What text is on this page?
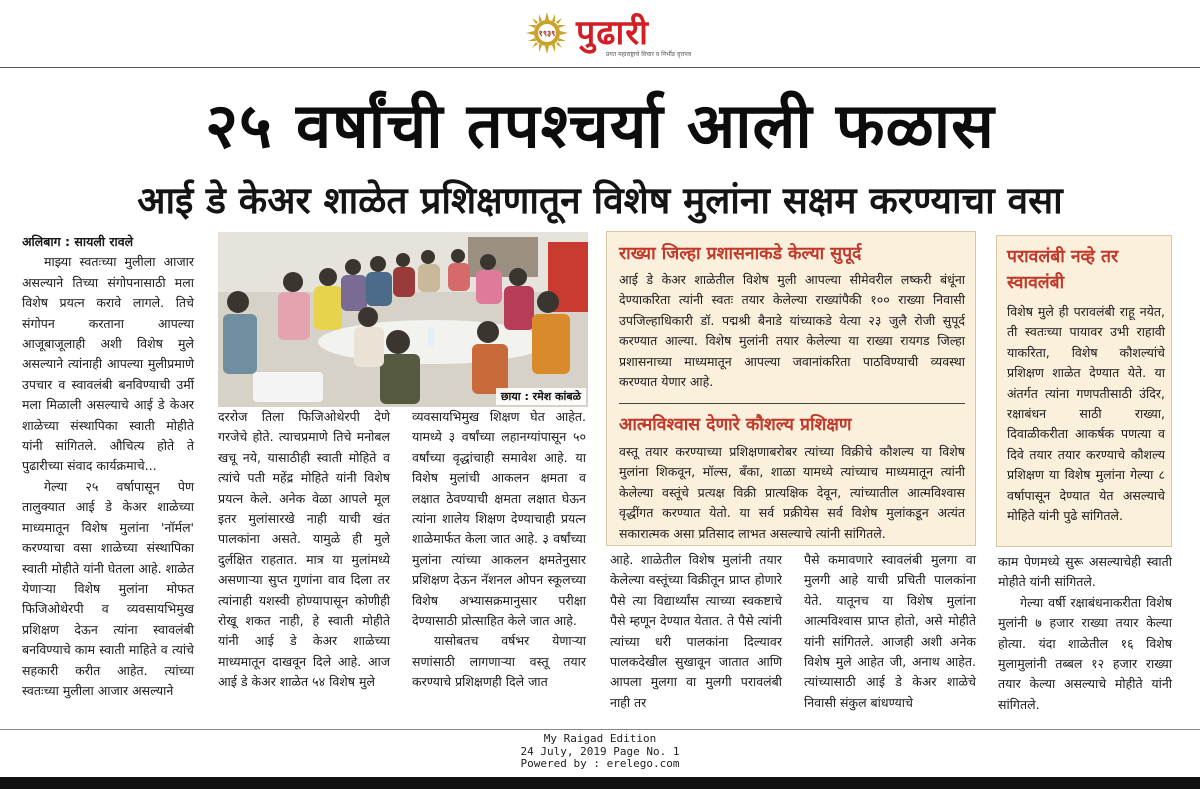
१९३९ पुढारी
प्रगत महाराष्ट्राचे विचार व निर्भीड वृत्तपत्र
२५ वर्षांची तपश्‍चर्या आली फळास
आई डे केअर शाळेत प्रशिक्षणातून विशेष मुलांना सक्षम करण्याचा वसा
अलिबाग : सायली रावले

माझ्या स्वतःच्या मुलीला आजार असल्याने तिच्या संगोपनासाठी मला विशेष प्रयत्न करावे लागले. तिचे संगोपन करताना आपल्या आजूबाजूलाही अशी विशेष मुले असल्याने त्यांनाही आपल्या मुलीप्रमाणे उपचार व स्वावलंबी बनविण्याची उर्मी मला मिळाली असल्याचे आई डे केअर शाळेच्या संस्थापिका स्वाती मोहीते यांनी सांगितले. औचित्य होते ते पुढारीच्या संवाद कार्यक्रमाचे...

गेल्या २५ वर्षापासून पेण तालुक्यात आई डे केअर शाळेच्या माध्यमातून विशेष मुलांना 'नॉर्मल' करण्याचा वसा शाळेच्या संस्थापिका स्वाती मोहीते यांनी घेतला आहे. शाळेत येणाऱ्या विशेष मुलांना मोफत फिजिओथेरपी व व्यवसायभिमुख प्रशिक्षण देऊन त्यांना स्वावलंबी बनविण्याचे काम स्वाती माहिते व त्यांचे सहकारी करीत आहेत. त्यांच्या स्वतःच्या मुलीला आजार असल्याने

छाया : रमेश कांबळे

दररोज तिला फिजिओथेरपी देणे गरजेचे होते. त्याचप्रमाणे तिचे मनोबल खचू नये, यासाठीही स्वाती मोहिते व त्यांचे पती महेंद्र मोहिते यांनी विशेष प्रयत्न केले. अनेक वेळा आपले मूल इतर मुलांसारखे नाही याची खंत पालकांना असते. यामुळे ही मुले दुर्लक्षित राहतात. मात्र या मुलांमध्ये असणाऱ्या सुप्त गुणांना वाव दिला तर त्यांनाही यशस्वी होण्यापासून कोणीही रोखू शकत नाही, हे स्वाती मोहीते यांनी आई डे केअर शाळेच्या माध्यमातून दाखवून दिले आहे. आज आई डे केअर शाळेत ५४ विशेष मुले

व्यवसायभिमुख शिक्षण घेत आहेत. यामध्ये ३ वर्षांच्या लहानग्यांपासून ५० वर्षांच्या वृद्धांचाही समावेश आहे. या विशेष मुलांची आकलन क्षमता व लक्षात ठेवण्याची क्षमता लक्षात घेऊन त्यांना शालेय शिक्षण देण्याचाही प्रयत्न शाळेमार्फत केला जात आहे. ३ वर्षांच्या मुलांना त्यांच्या आकलन क्षमतेनुसार प्रशिक्षण देऊन नॅशनल ओपन स्कूलच्या विशेष अभ्यासक्रमानुसार परीक्षा देण्यासाठी प्रोत्साहित केले जात आहे.

यासोबतच वर्षभर येणाऱ्या सणांसाठी लागणाऱ्या वस्तू तयार करण्याचे प्रशिक्षणही दिले जात

राख्या जिल्हा प्रशासनाकडे केल्या सुपूर्द
आई डे केअर शाळेतील विशेष मुली आपल्या सीमेवरील लष्करी बंधूंना देण्याकरिता त्यांनी स्वतः तयार केलेल्या राख्यांपैकी १०० राख्या निवासी उपजिल्हाधिकारी डॉ. पद्मश्री बैनाडे यांच्याकडे येत्या २३ जुलै रोजी सुपूर्द करण्यात आल्या. विशेष मुलांनी तयार केलेल्या या राख्या रायगड जिल्हा प्रशासनाच्या माध्यमातून आपल्या जवानांकरिता पाठविण्याची व्यवस्था करण्यात येणार आहे.
आत्मविश्‍वास देणारे कौशल्य प्रशिक्षण
वस्तू तयार करण्याच्या प्रशिक्षणाबरोबर त्यांच्या विक्रीचे कौशल्य या विशेष मुलांना शिकवून, मॉल्स, बँका, शाळा यामध्ये त्यांच्याच माध्यमातून त्यांनी केलेल्या वस्तूंचे प्रत्यक्ष विक्री प्रात्यक्षिक देवून, त्यांच्यातील आत्मविश्‍वास वृद्धींगत करण्यात येतो. या सर्व प्रक्रीयेस सर्व विशेष मुलांकडून अत्यंत सकारात्मक असा प्रतिसाद लाभत असल्याचे त्यांनी सांगितले.

आहे. शाळेतील विशेष मुलांनी तयार केलेल्या वस्तूंच्या विक्रीतून प्राप्त होणारे पैसे त्या विद्यार्थ्यांस त्याच्या स्वकष्टाचे पैसे म्हणून देण्यात येतात. ते पैसे त्यांनी त्यांच्या धरी पालकांना दिल्यावर पालकदेखील सुखावून जातात आणि आपला मुलगा वा मुलगी परावलंबी नाही तर

पैसे कमावणारे स्वावलंबी मुलगा वा मुलगी आहे याची प्रचिती पालकांना येते. यातूनच या विशेष मुलांना आत्मविश्‍वास प्राप्त होतो, असे मोहीते यांनी सांगितले. आजही अशी अनेक विशेष मुले आहेत जी, अनाथ आहेत. त्यांच्यासाठी आई डे केअर शाळेचे निवासी संकुल बांधण्याचे

परावलंबी नव्हे तर स्वावलंबी
विशेष मुले ही परावलंबी राहू नयेत, ती स्वतःच्या पायावर उभी राहावी याकरिता, विशेष कौशल्यांचे प्रशिक्षण शाळेत देण्यात येते. या अंतर्गत त्यांना गणपतीसाठी उंदिर, रक्षाबंधन साठी राख्या, दिवाळीकरीता आकर्षक पणत्या व दिवे तयार तयार करण्याचे कौशल्य प्रशिक्षण या विशेष मुलांना गेल्या ८ वर्षापासून देण्यात येत असल्याचे मोहिते यांनी पुढे सांगितले.

काम पेणमध्ये सुरू असल्याचेही स्वाती मोहीते यांनी सांगितले.

गेल्या वर्षी रक्षाबंधनाकरीता विशेष मुलांनी ७ हजार राख्या तयार केल्या होत्या. यंदा शाळेतील १६ विशेष मुलामुलांनी तब्बल १२ हजार राख्या तयार केल्या असल्याचे मोहीते यांनी सांगितले.

My Raigad Edition
24 July, 2019 Page No. 1
Powered by : erelego.com
